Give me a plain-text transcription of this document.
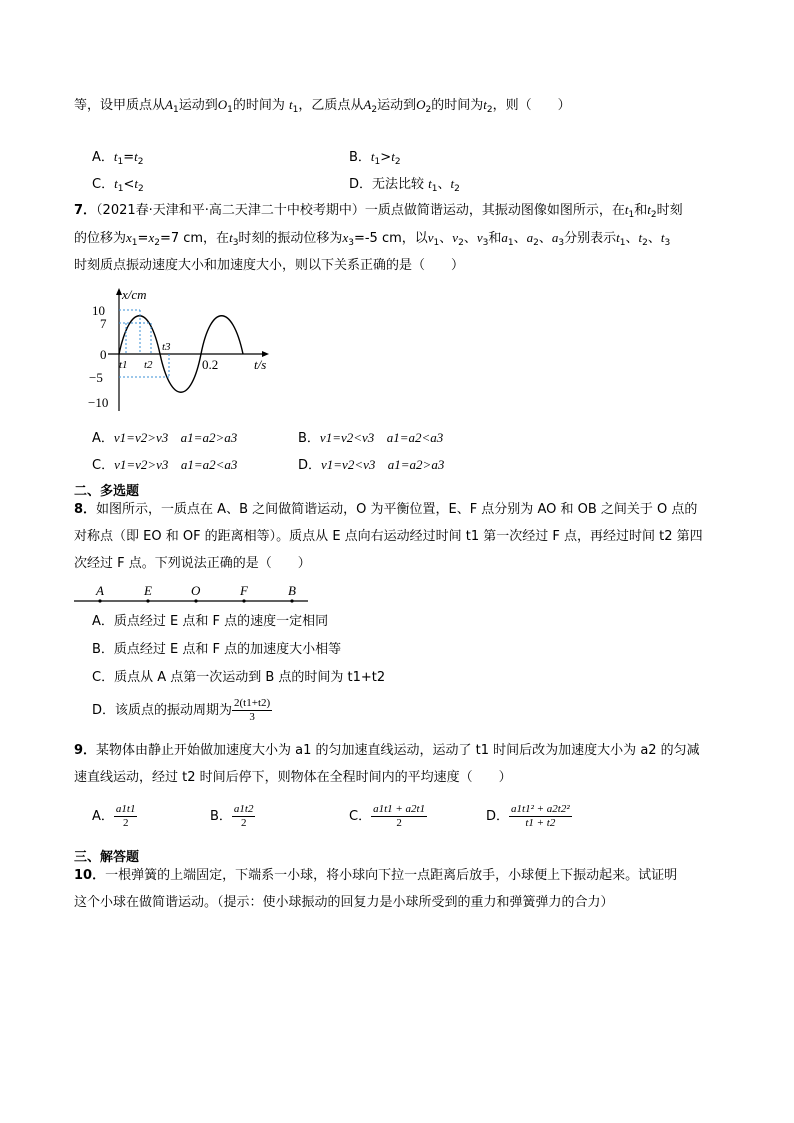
等，设甲质点从$A_1$运动到$O_1$的时间为 $t_1$，乙质点从$A_2$运动到$O_2$的时间为$t_2$，则（　　）
A．$t_1=t_2$	B．$t_1>t_2$
C．$t_1<t_2$	D．无法比较 $t_1$、$t_2$
7．（2021春·天津和平·高二天津二十中校考期中）一质点做简谐运动，其振动图像如图所示，在$t_1$和$t_2$时刻
的位移为$x_1=x_2=7$ cm，在$t_3$时刻的振动位移为$x_3=-5$ cm，以$v_1$、$v_2$、$v_3$和$a_1$、$a_2$、$a_3$分别表示$t_1$、$t_2$、$t_3$
时刻质点振动速度大小和加速度大小，则以下关系正确的是（　　）
x/cm
10
7
0
−5
−10
0.2	t/s
t1 t2
t3
A．v1=v2>v3 a1=a2>a3	B．v1=v2<v3 a1=a2<a3
C．v1=v2>v3 a1=a2<a3	D．v1=v2<v3 a1=a2>a3
二、多选题
8．如图所示，一质点在 A、B 之间做简谐运动，O 为平衡位置，E、F 点分别为 AO 和 OB 之间关于 O 点的
对称点（即 EO 和 OF 的距离相等）。质点从 E 点向右运动经过时间 t1 第一次经过 F 点，再经过时间 t2 第四
次经过 F 点。下列说法正确的是（　　）
A	E	O	F	B
A．质点经过 E 点和 F 点的速度一定相同
B．质点经过 E 点和 F 点的加速度大小相等
C．质点从 A 点第一次运动到 B 点的时间为 t1+t2
D．该质点的振动周期为 $\frac{2(t1+t2)}{3}$
9．某物体由静止开始做加速度大小为 a1 的匀加速直线运动，运动了 t1 时间后改为加速度大小为 a2 的匀减
速直线运动，经过 t2 时间后停下，则物体在全程时间内的平均速度（　　）
A． $\frac{a1t1}{2}$	B． $\frac{a1t2}{2}$	C． $\frac{a1t1 + a2t1}{2}$	D． $\frac{\text{a1t1² + a2t2²}}{t1 + t2}$
三、解答题
10．一根弹簧的上端固定，下端系一小球，将小球向下拉一点距离后放手，小球便上下振动起来。试证明
这个小球在做简谐运动。（提示：使小球振动的回复力是小球所受到的重力和弹簧弹力的合力）
